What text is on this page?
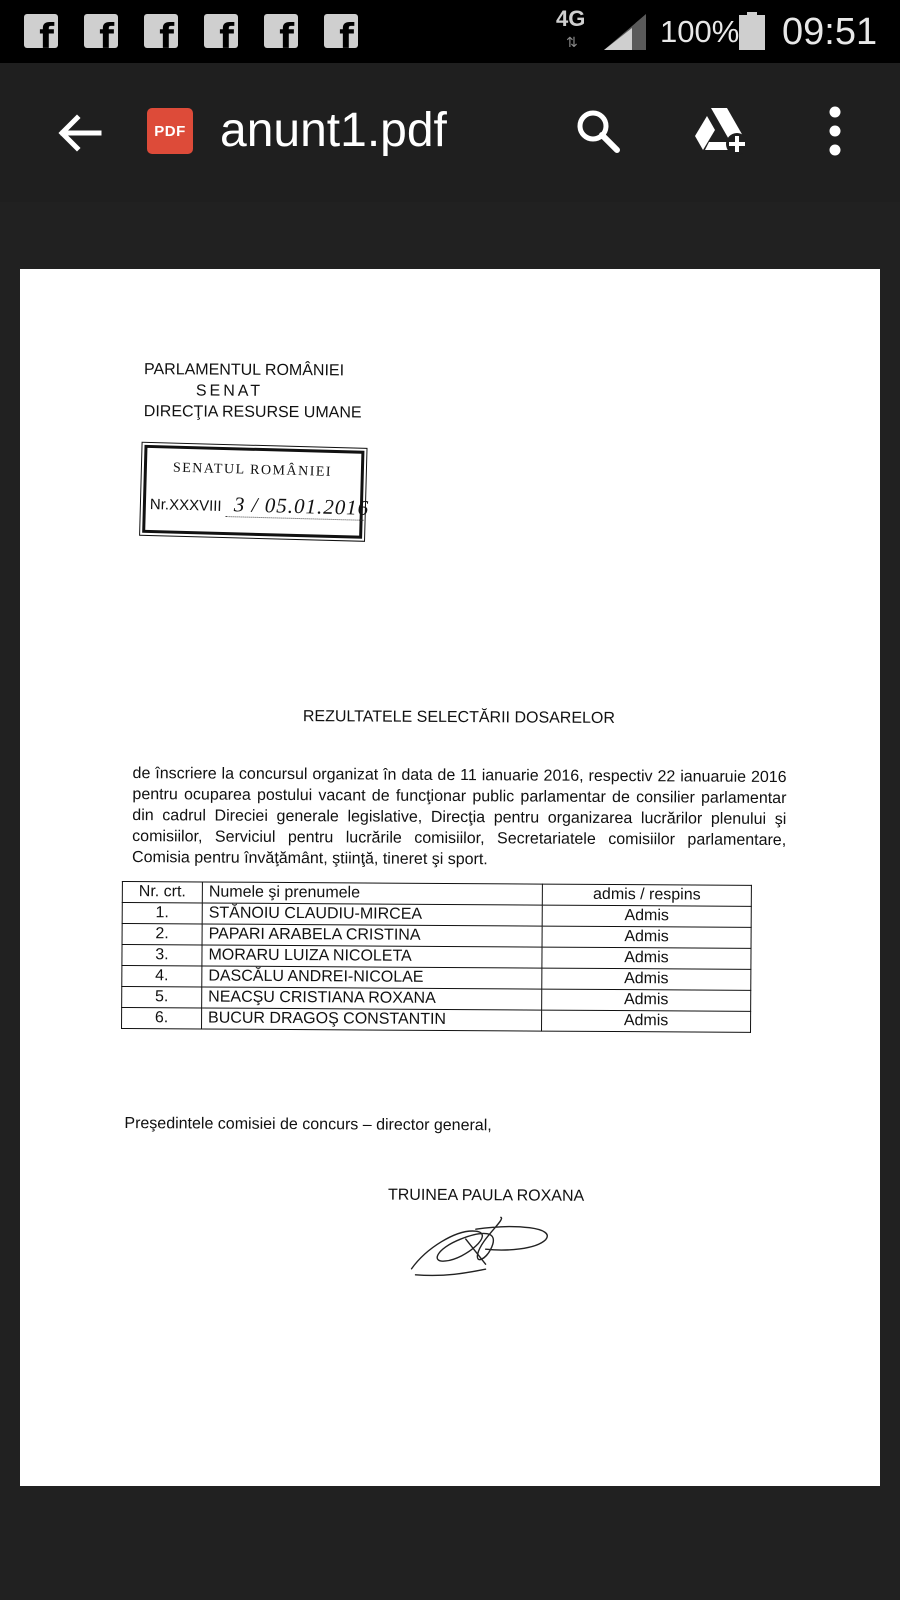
f
f
f
f
f
f
4G
⇅	100% 09:51
PDF anunt1.pdf
PARLAMENTUL ROMÂNIEI
SENAT
DIRECŢIA RESURSE UMANE
SENATUL ROMÂNIEI
Nr.XXXVIII 3 / 05.01.2016
REZULTATELE SELECTĂRII DOSARELOR
de înscriere la concursul organizat în data de 11 ianuarie 2016, respectiv 22 ianuaruie 2016 pentru ocuparea postului vacant de funcţionar public parlamentar de consilier parlamentar din cadrul Direciei generale legislative, Direcţia pentru organizarea lucrărilor plenului şi comisiilor, Serviciul pentru lucrările comisiilor, Secretariatele comisiilor parlamentare, Comisia pentru învăţământ, ştiinţă, tineret şi sport.
Nr. crt.	Numele şi prenumele	admis / respins
1.	STĂNOIU CLAUDIU-MIRCEA	Admis
2.	PAPARI ARABELA CRISTINA	Admis
3.	MORARU LUIZA NICOLETA	Admis
4.	DASCĂLU ANDREI-NICOLAE	Admis
5.	NEACŞU CRISTIANA ROXANA	Admis
6.	BUCUR DRAGOŞ CONSTANTIN	Admis
Preşedintele comisiei de concurs – director general,
TRUINEA PAULA ROXANA
